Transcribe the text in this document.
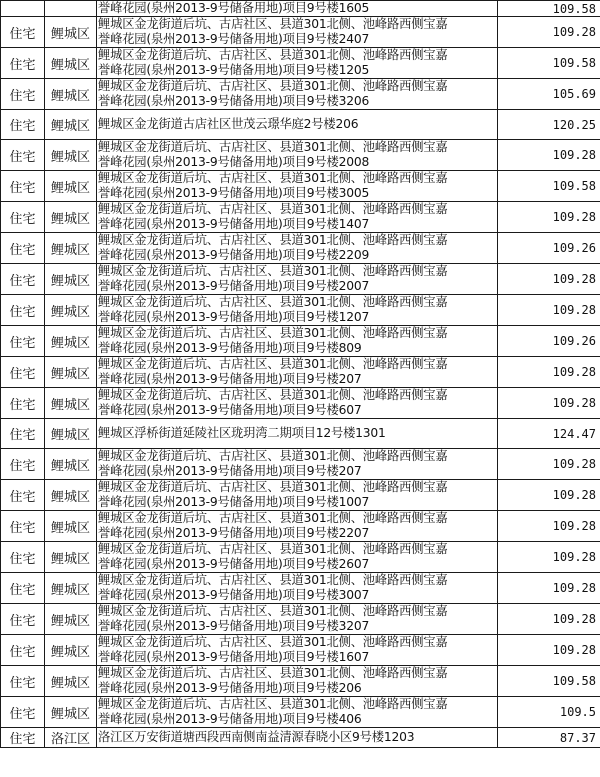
		誉峰花园(泉州2013-9号储备用地)项目9号楼1605	109.58
住宅	鲤城区	鲤城区金龙街道后坑、古店社区、县道301北侧、池峰路西侧宝嘉
誉峰花园(泉州2013-9号储备用地)项目9号楼2407	109.28
住宅	鲤城区	鲤城区金龙街道后坑、古店社区、县道301北侧、池峰路西侧宝嘉
誉峰花园(泉州2013-9号储备用地)项目9号楼1205	109.58
住宅	鲤城区	鲤城区金龙街道后坑、古店社区、县道301北侧、池峰路西侧宝嘉
誉峰花园(泉州2013-9号储备用地)项目9号楼3206	105.69
住宅	鲤城区	鲤城区金龙街道古店社区世茂云璟华庭2号楼206	120.25
住宅	鲤城区	鲤城区金龙街道后坑、古店社区、县道301北侧、池峰路西侧宝嘉
誉峰花园(泉州2013-9号储备用地)项目9号楼2008	109.28
住宅	鲤城区	鲤城区金龙街道后坑、古店社区、县道301北侧、池峰路西侧宝嘉
誉峰花园(泉州2013-9号储备用地)项目9号楼3005	109.58
住宅	鲤城区	鲤城区金龙街道后坑、古店社区、县道301北侧、池峰路西侧宝嘉
誉峰花园(泉州2013-9号储备用地)项目9号楼1407	109.28
住宅	鲤城区	鲤城区金龙街道后坑、古店社区、县道301北侧、池峰路西侧宝嘉
誉峰花园(泉州2013-9号储备用地)项目9号楼2209	109.26
住宅	鲤城区	鲤城区金龙街道后坑、古店社区、县道301北侧、池峰路西侧宝嘉
誉峰花园(泉州2013-9号储备用地)项目9号楼2007	109.28
住宅	鲤城区	鲤城区金龙街道后坑、古店社区、县道301北侧、池峰路西侧宝嘉
誉峰花园(泉州2013-9号储备用地)项目9号楼1207	109.28
住宅	鲤城区	鲤城区金龙街道后坑、古店社区、县道301北侧、池峰路西侧宝嘉
誉峰花园(泉州2013-9号储备用地)项目9号楼809	109.26
住宅	鲤城区	鲤城区金龙街道后坑、古店社区、县道301北侧、池峰路西侧宝嘉
誉峰花园(泉州2013-9号储备用地)项目9号楼207	109.28
住宅	鲤城区	鲤城区金龙街道后坑、古店社区、县道301北侧、池峰路西侧宝嘉
誉峰花园(泉州2013-9号储备用地)项目9号楼607	109.28
住宅	鲤城区	鲤城区浮桥街道延陵社区珑玥湾二期项目12号楼1301	124.47
住宅	鲤城区	鲤城区金龙街道后坑、古店社区、县道301北侧、池峰路西侧宝嘉
誉峰花园(泉州2013-9号储备用地)项目9号楼207	109.28
住宅	鲤城区	鲤城区金龙街道后坑、古店社区、县道301北侧、池峰路西侧宝嘉
誉峰花园(泉州2013-9号储备用地)项目9号楼1007	109.28
住宅	鲤城区	鲤城区金龙街道后坑、古店社区、县道301北侧、池峰路西侧宝嘉
誉峰花园(泉州2013-9号储备用地)项目9号楼2207	109.28
住宅	鲤城区	鲤城区金龙街道后坑、古店社区、县道301北侧、池峰路西侧宝嘉
誉峰花园(泉州2013-9号储备用地)项目9号楼2607	109.28
住宅	鲤城区	鲤城区金龙街道后坑、古店社区、县道301北侧、池峰路西侧宝嘉
誉峰花园(泉州2013-9号储备用地)项目9号楼3007	109.28
住宅	鲤城区	鲤城区金龙街道后坑、古店社区、县道301北侧、池峰路西侧宝嘉
誉峰花园(泉州2013-9号储备用地)项目9号楼3207	109.28
住宅	鲤城区	鲤城区金龙街道后坑、古店社区、县道301北侧、池峰路西侧宝嘉
誉峰花园(泉州2013-9号储备用地)项目9号楼1607	109.28
住宅	鲤城区	鲤城区金龙街道后坑、古店社区、县道301北侧、池峰路西侧宝嘉
誉峰花园(泉州2013-9号储备用地)项目9号楼206	109.58
住宅	鲤城区	鲤城区金龙街道后坑、古店社区、县道301北侧、池峰路西侧宝嘉
誉峰花园(泉州2013-9号储备用地)项目9号楼406	109.5
住宅	洛江区	洛江区万安街道塘西段西南侧南益清源春晓小区9号楼1203	87.37
